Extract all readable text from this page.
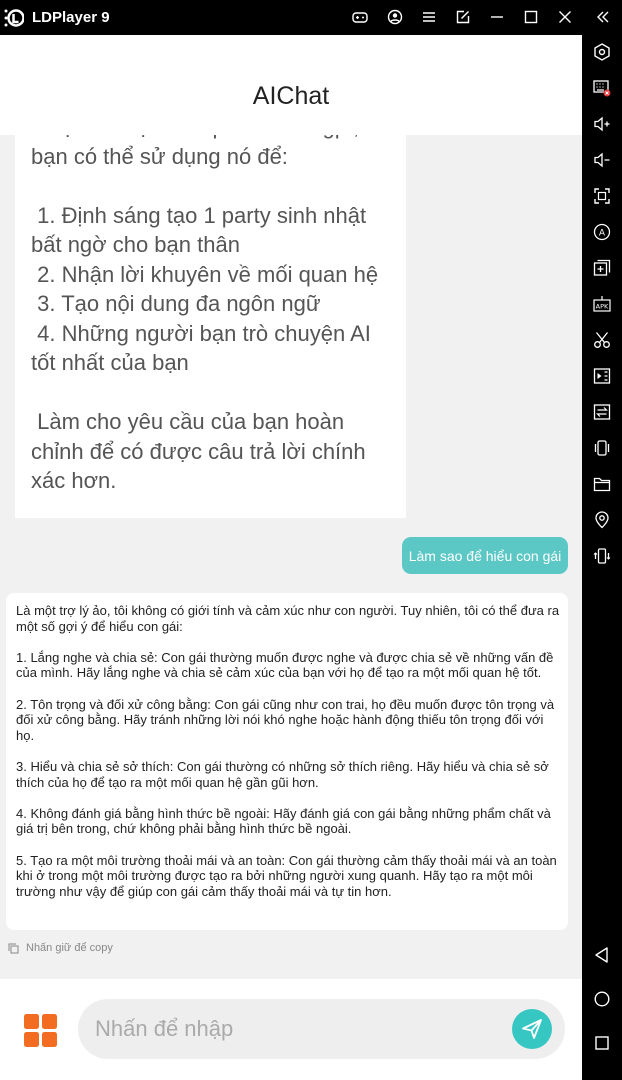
LDPlayer 9
A
APK
AIChat

bạn có thể sử dụng nó để:

1. Định sáng tạo 1 party sinh nhật bất ngờ cho bạn thân
2. Nhận lời khuyên về mối quan hệ
3. Tạo nội dung đa ngôn ngữ
4. Những người bạn trò chuyện AI tốt nhất của bạn

Làm cho yêu cầu của bạn hoàn chỉnh để có được câu trả lời chính xác hơn.
Làm sao để hiểu con gái
Là một trợ lý ảo, tôi không có giới tính và cảm xúc như con người. Tuy nhiên, tôi có thể đưa ra một số gợi ý để hiểu con gái:

1. Lắng nghe và chia sẻ: Con gái thường muốn được nghe và được chia sẻ về những vấn đề của mình. Hãy lắng nghe và chia sẻ cảm xúc của bạn với họ để tạo ra một mối quan hệ tốt.

2. Tôn trọng và đối xử công bằng: Con gái cũng như con trai, họ đều muốn được tôn trọng và đối xử công bằng. Hãy tránh những lời nói khó nghe hoặc hành động thiếu tôn trọng đối với họ.

3. Hiểu và chia sẻ sở thích: Con gái thường có những sở thích riêng. Hãy hiểu và chia sẻ sở thích của họ để tạo ra một mối quan hệ gần gũi hơn.

4. Không đánh giá bằng hình thức bề ngoài: Hãy đánh giá con gái bằng những phẩm chất và giá trị bên trong, chứ không phải bằng hình thức bề ngoài.

5. Tạo ra một môi trường thoải mái và an toàn: Con gái thường cảm thấy thoải mái và an toàn khi ở trong một môi trường được tạo ra bởi những người xung quanh. Hãy tạo ra một môi trường như vậy để giúp con gái cảm thấy thoải mái và tự tin hơn.
Nhấn giữ để copy
Nhấn để nhập
